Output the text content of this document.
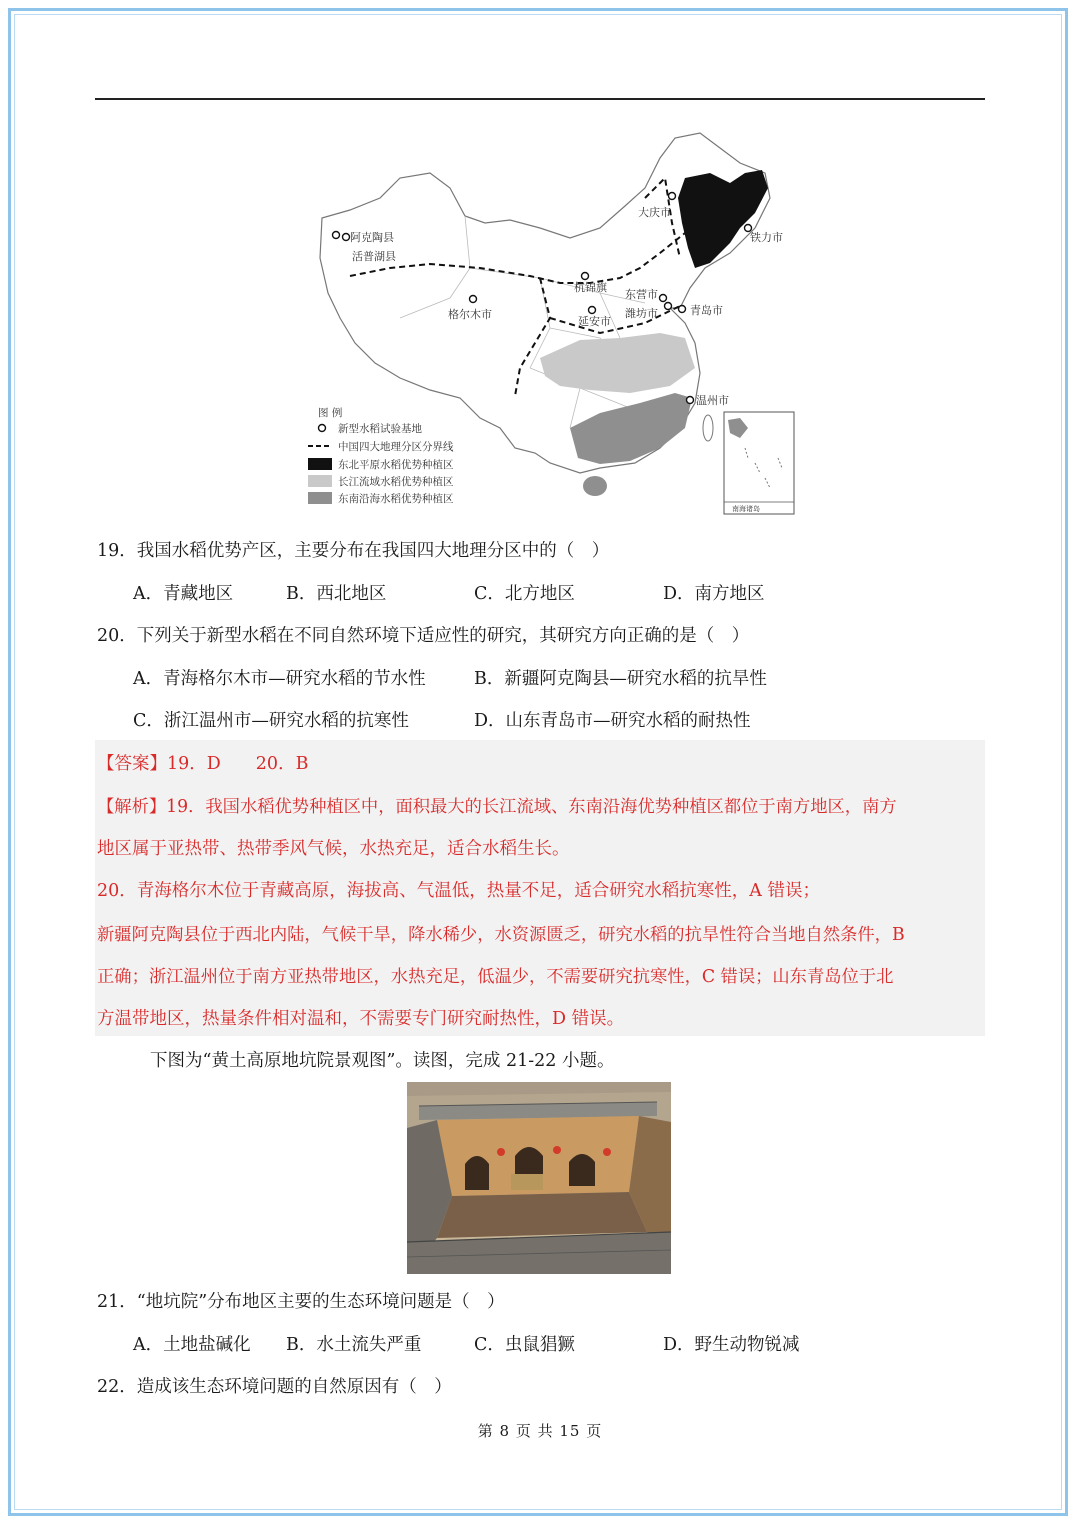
阿克陶县
活普湖县
大庆市
铁力市
杭锦旗
东营市
格尔木市
延安市
潍坊市	青岛市
温州市
图 例
新型水稻试验基地
中国四大地理分区分界线
东北平原水稻优势种植区
长江流域水稻优势种植区
东南沿海水稻优势种植区
南海诸岛
19．我国水稻优势产区，主要分布在我国四大地理分区中的（　）
A．青藏地区	B．西北地区	C．北方地区	D．南方地区
20．下列关于新型水稻在不同自然环境下适应性的研究，其研究方向正确的是（　）
A．青海格尔木市—研究水稻的节水性	B．新疆阿克陶县—研究水稻的抗旱性
C．浙江温州市—研究水稻的抗寒性	D．山东青岛市—研究水稻的耐热性
【答案】19．D　　20．B
【解析】19．我国水稻优势种植区中，面积最大的长江流域、东南沿海优势种植区都位于南方地区，南方
地区属于亚热带、热带季风气候，水热充足，适合水稻生长。
20．青海格尔木位于青藏高原，海拔高、气温低，热量不足，适合研究水稻抗寒性，A 错误；
新疆阿克陶县位于西北内陆，气候干旱，降水稀少，水资源匮乏，研究水稻的抗旱性符合当地自然条件，B
正确；浙江温州位于南方亚热带地区，水热充足，低温少，不需要研究抗寒性，C 错误；山东青岛位于北
方温带地区，热量条件相对温和，不需要专门研究耐热性，D 错误。
下图为“黄土高原地坑院景观图”。读图，完成 21-22 小题。
21．“地坑院”分布地区主要的生态环境问题是（　）
A．土地盐碱化 B．水土流失严重	C．虫鼠猖獗	D．野生动物锐减
22．造成该生态环境问题的自然原因有（　）
第 8 页 共 15 页
